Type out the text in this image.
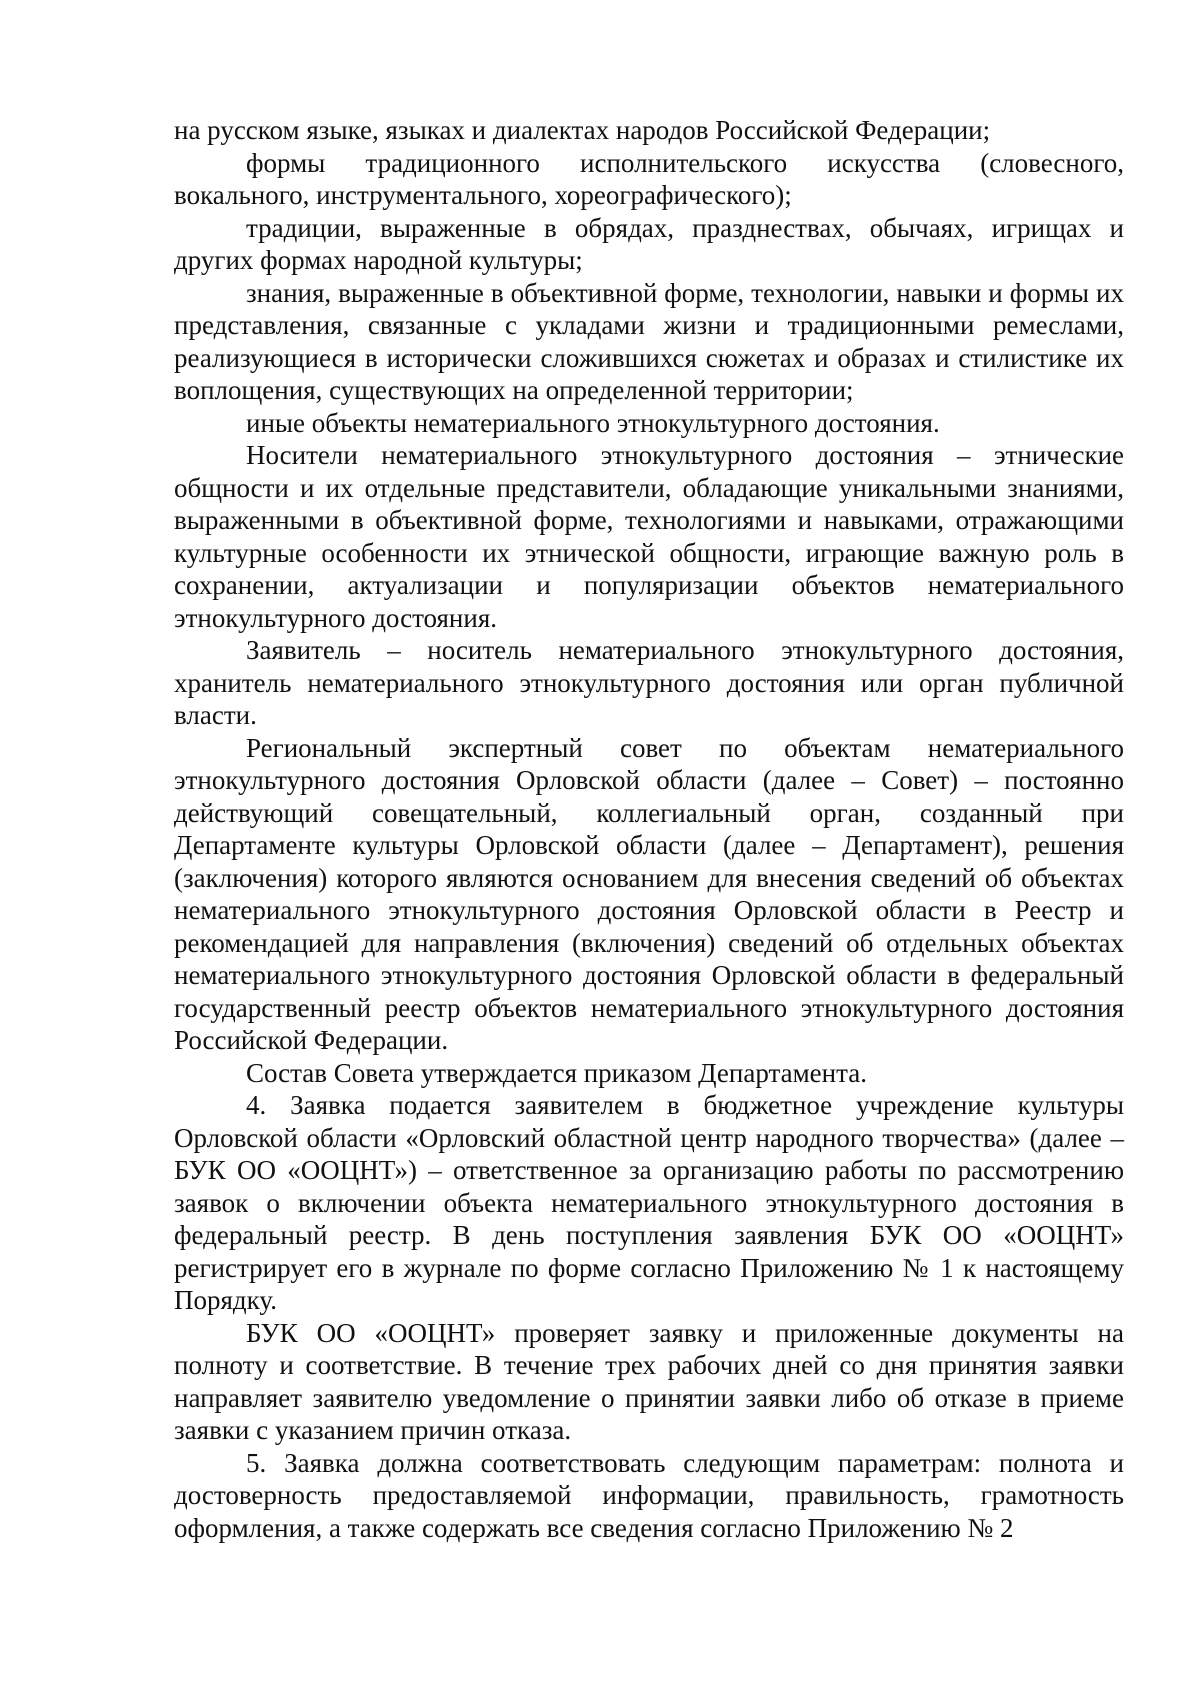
на русском языке, языках и диалектах народов Российской Федерации;

формы традиционного исполнительского искусства (словесного, вокального, инструментального, хореографического);

традиции, выраженные в обрядах, празднествах, обычаях, игрищах и других формах народной культуры;

знания, выраженные в объективной форме, технологии, навыки и формы их представления, связанные с укладами жизни и традиционными ремеслами, реализующиеся в исторически сложившихся сюжетах и образах и стилистике их воплощения, существующих на определенной территории;

иные объекты нематериального этнокультурного достояния.

Носители нематериального этнокультурного достояния – этнические общности и их отдельные представители, обладающие уникальными знаниями, выраженными в объективной форме, технологиями и навыками, отражающими культурные особенности их этнической общности, играющие важную роль в сохранении, актуализации и популяризации объектов нематериального этнокультурного достояния.

Заявитель – носитель нематериального этнокультурного достояния, хранитель нематериального этнокультурного достояния или орган публичной власти.

Региональный экспертный совет по объектам нематериального этнокультурного достояния Орловской области (далее – Совет) – постоянно действующий совещательный, коллегиальный орган, созданный при Департаменте культуры Орловской области (далее – Департамент), решения (заключения) которого являются основанием для внесения сведений об объектах нематериального этнокультурного достояния Орловской области в Реестр и рекомендацией для направления (включения) сведений об отдельных объектах нематериального этнокультурного достояния Орловской области в федеральный государственный реестр объектов нематериального этнокультурного достояния Российской Федерации.

Состав Совета утверждается приказом Департамента.

4. Заявка подается заявителем в бюджетное учреждение культуры Орловской области «Орловский областной центр народного творчества» (далее – БУК ОО «ООЦНТ») – ответственное за организацию работы по рассмотрению заявок о включении объекта нематериального этнокультурного достояния в федеральный реестр. В день поступления заявления БУК ОО «ООЦНТ» регистрирует его в журнале по форме согласно Приложению № 1 к настоящему Порядку.

БУК ОО «ООЦНТ» проверяет заявку и приложенные документы на полноту и соответствие. В течение трех рабочих дней со дня принятия заявки направляет заявителю уведомление о принятии заявки либо об отказе в приеме заявки с указанием причин отказа.

5. Заявка должна соответствовать следующим параметрам: полнота и достоверность предоставляемой информации, правильность, грамотность оформления, а также содержать все сведения согласно Приложению № 2
